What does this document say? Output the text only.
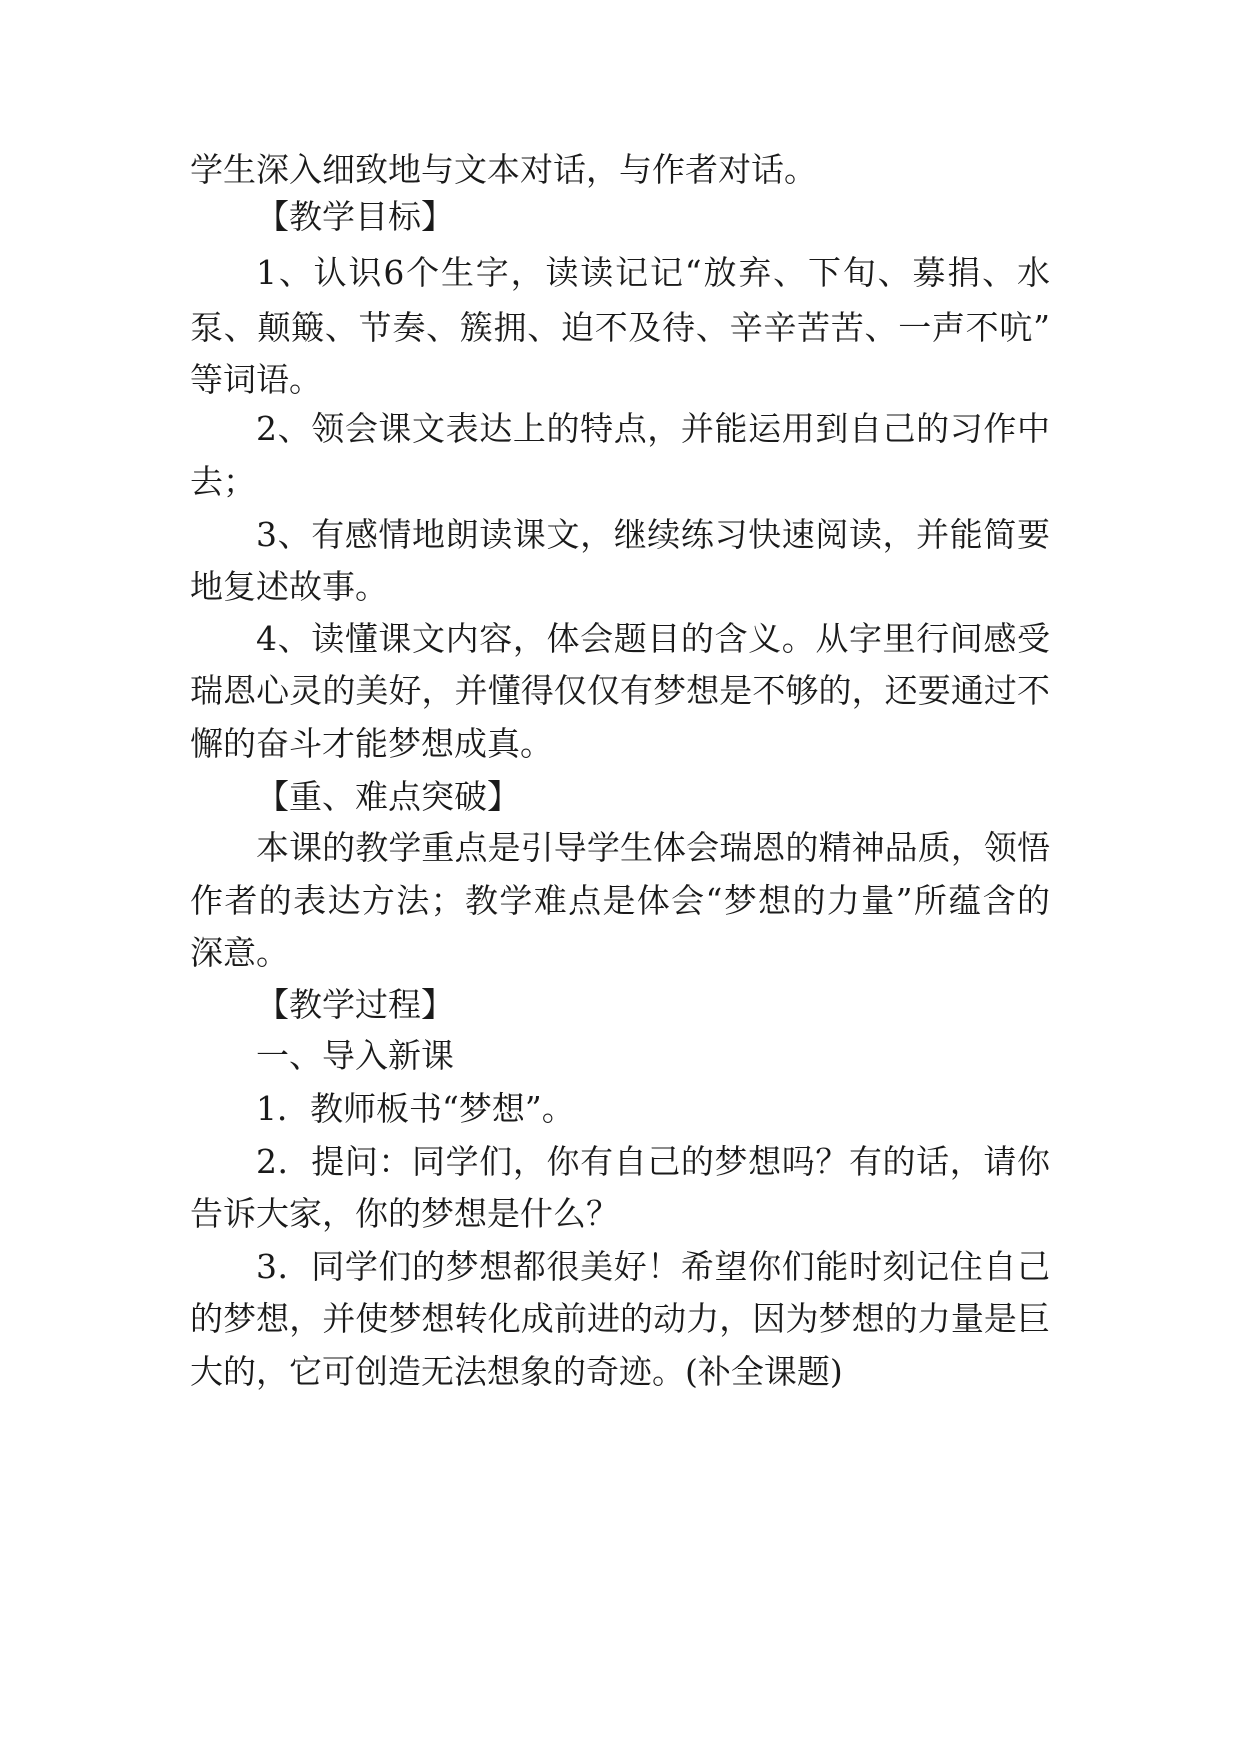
学生深入细致地与文本对话，与作者对话。
【教学目标】
1、认识6个生字，读读记记“放弃、下旬、募捐、水
泵、颠簸、节奏、簇拥、迫不及待、辛辛苦苦、一声不吭”
等词语。
2、领会课文表达上的特点，并能运用到自己的习作中
去；
3、有感情地朗读课文，继续练习快速阅读，并能简要
地复述故事。
4、读懂课文内容，体会题目的含义。从字里行间感受
瑞恩心灵的美好，并懂得仅仅有梦想是不够的，还要通过不
懈的奋斗才能梦想成真。
【重、难点突破】
本课的教学重点是引导学生体会瑞恩的精神品质，领悟
作者的表达方法；教学难点是体会“梦想的力量”所蕴含的
深意。
【教学过程】
一、导入新课
1．教师板书“梦想”。
2．提问：同学们，你有自己的梦想吗？有的话，请你
告诉大家，你的梦想是什么？
3．同学们的梦想都很美好！希望你们能时刻记住自己
的梦想，并使梦想转化成前进的动力，因为梦想的力量是巨
大的，它可创造无法想象的奇迹。(补全课题)
